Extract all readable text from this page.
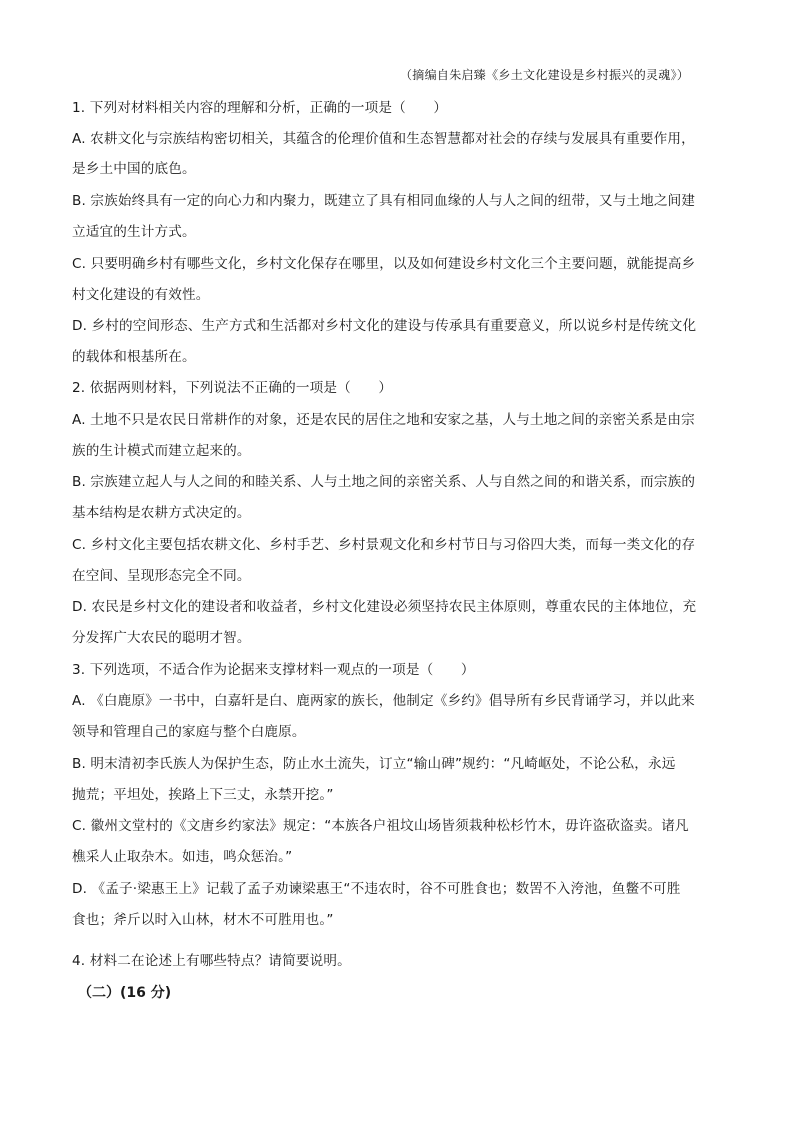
（摘编自朱启臻《乡土文化建设是乡村振兴的灵魂》）
1. 下列对材料相关内容的理解和分析，正确的一项是（　　）
A. 农耕文化与宗族结构密切相关，其蕴含的伦理价值和生态智慧都对社会的存续与发展具有重要作用，
是乡土中国的底色。
B. 宗族始终具有一定的向心力和内聚力，既建立了具有相同血缘的人与人之间的纽带，又与土地之间建
立适宜的生计方式。
C. 只要明确乡村有哪些文化，乡村文化保存在哪里，以及如何建设乡村文化三个主要问题，就能提高乡
村文化建设的有效性。
D. 乡村的空间形态、生产方式和生活都对乡村文化的建设与传承具有重要意义，所以说乡村是传统文化
的载体和根基所在。
2. 依据两则材料，下列说法不正确的一项是（　　）
A. 土地不只是农民日常耕作的对象，还是农民的居住之地和安家之基，人与土地之间的亲密关系是由宗
族的生计模式而建立起来的。
B. 宗族建立起人与人之间的和睦关系、人与土地之间的亲密关系、人与自然之间的和谐关系，而宗族的
基本结构是农耕方式决定的。
C. 乡村文化主要包括农耕文化、乡村手艺、乡村景观文化和乡村节日与习俗四大类，而每一类文化的存
在空间、呈现形态完全不同。
D. 农民是乡村文化的建设者和收益者，乡村文化建设必须坚持农民主体原则，尊重农民的主体地位，充
分发挥广大农民的聪明才智。
3. 下列选项，不适合作为论据来支撑材料一观点的一项是（　　）
A. 《白鹿原》一书中，白嘉轩是白、鹿两家的族长，他制定《乡约》倡导所有乡民背诵学习，并以此来
领导和管理自己的家庭与整个白鹿原。
B. 明末清初李氏族人为保护生态，防止水土流失，订立“输山碑”规约：“凡崎岖处，不论公私，永远
抛荒；平坦处，挨路上下三丈，永禁开挖。”
C. 徽州文堂村的《文唐乡约家法》规定：“本族各户祖坟山场皆须栽种松杉竹木，毋许盗砍盗卖。诸凡
樵采人止取杂木。如违，鸣众惩治。”
D. 《孟子·梁惠王上》记载了孟子劝谏梁惠王“不违农时，谷不可胜食也；数罟不入洿池，鱼鳖不可胜
食也；斧斤以时入山林，材木不可胜用也。”
4. 材料二在论述上有哪些特点？请简要说明。
（二）(16 分)
